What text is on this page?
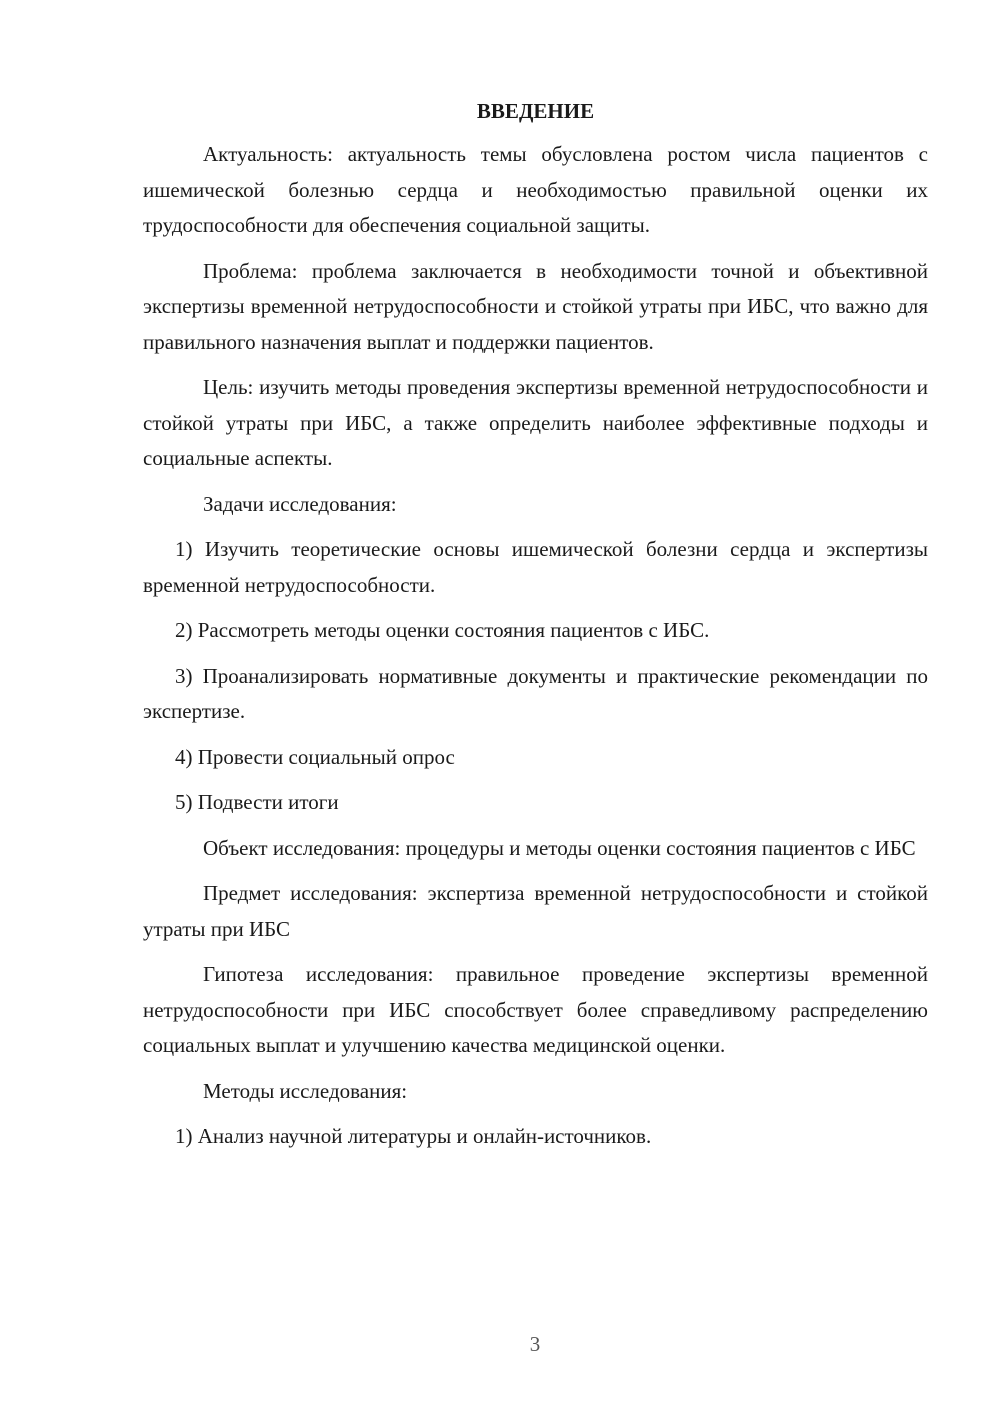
ВВЕДЕНИЕ

Актуальность: актуальность темы обусловлена ростом числа пациентов с ишемической болезнью сердца и необходимостью правильной оценки их трудоспособности для обеспечения социальной защиты.

Проблема: проблема заключается в необходимости точной и объективной экспертизы временной нетрудоспособности и стойкой утраты при ИБС, что важно для правильного назначения выплат и поддержки пациентов.

Цель: изучить методы проведения экспертизы временной нетрудоспособности и стойкой утраты при ИБС, а также определить наиболее эффективные подходы и социальные аспекты.

Задачи исследования:

1) Изучить теоретические основы ишемической болезни сердца и экспертизы временной нетрудоспособности.

2) Рассмотреть методы оценки состояния пациентов с ИБС.

3) Проанализировать нормативные документы и практические рекомендации по экспертизе.

4) Провести социальный опрос

5) Подвести итоги

Объект исследования: процедуры и методы оценки состояния пациентов с ИБС

Предмет исследования: экспертиза временной нетрудоспособности и стойкой утраты при ИБС

Гипотеза исследования: правильное проведение экспертизы временной нетрудоспособности при ИБС способствует более справедливому распределению социальных выплат и улучшению качества медицинской оценки.

Методы исследования:

1) Анализ научной литературы и онлайн-источников.

3
